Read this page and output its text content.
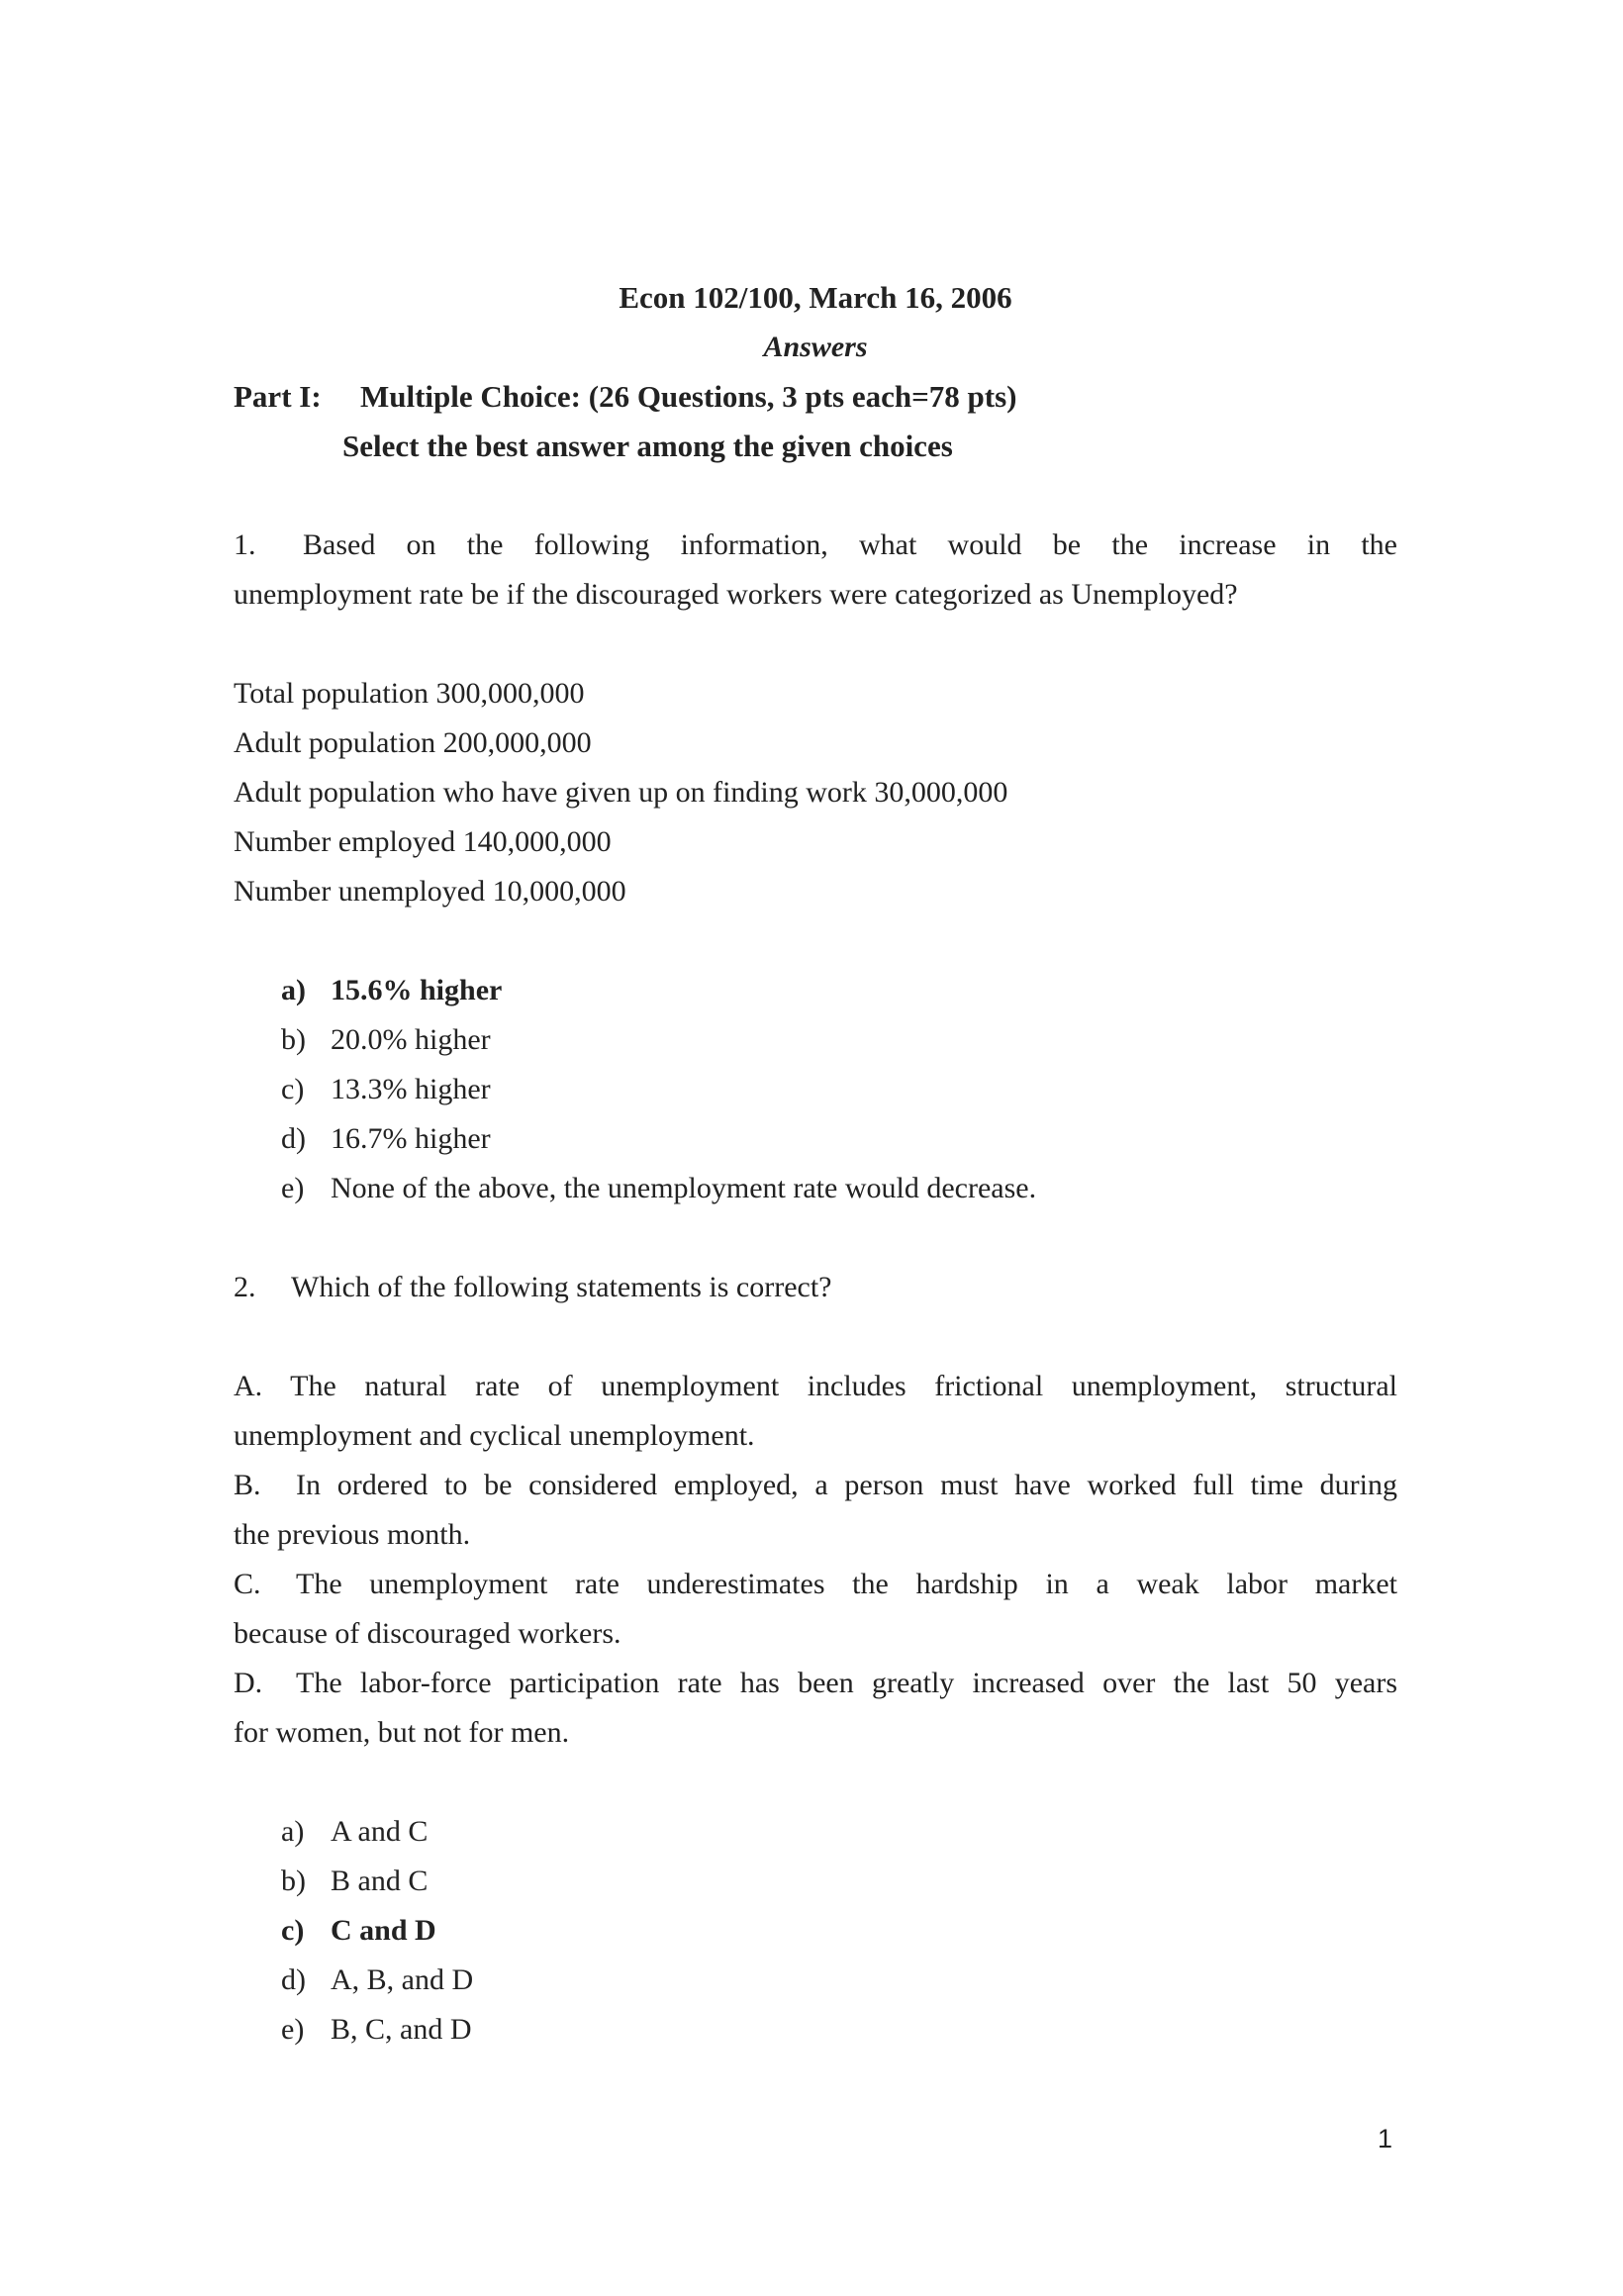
Econ 102/100, March 16, 2006
Answers
Part I: Multiple Choice: (26 Questions, 3 pts each=78 pts)
Select the best answer among the given choices
1. Based on the following information, what would be the increase in the
unemployment rate be if the discouraged workers were categorized as Unemployed?
Total population 300,000,000
Adult population 200,000,000
Adult population who have given up on finding work 30,000,000
Number employed 140,000,000
Number unemployed 10,000,000
a) 15.6% higher
b) 20.0% higher
c) 13.3% higher
d) 16.7% higher
e) None of the above, the unemployment rate would decrease.
2. Which of the following statements is correct?
A. The natural rate of unemployment includes frictional unemployment, structural
unemployment and cyclical unemployment.
B. In ordered to be considered employed, a person must have worked full time during
the previous month.
C. The unemployment rate underestimates the hardship in a weak labor market
because of discouraged workers.
D. The labor-force participation rate has been greatly increased over the last 50 years
for women, but not for men.
a) A and C
b) B and C
c) C and D
d) A, B, and D
e) B, C, and D
1
